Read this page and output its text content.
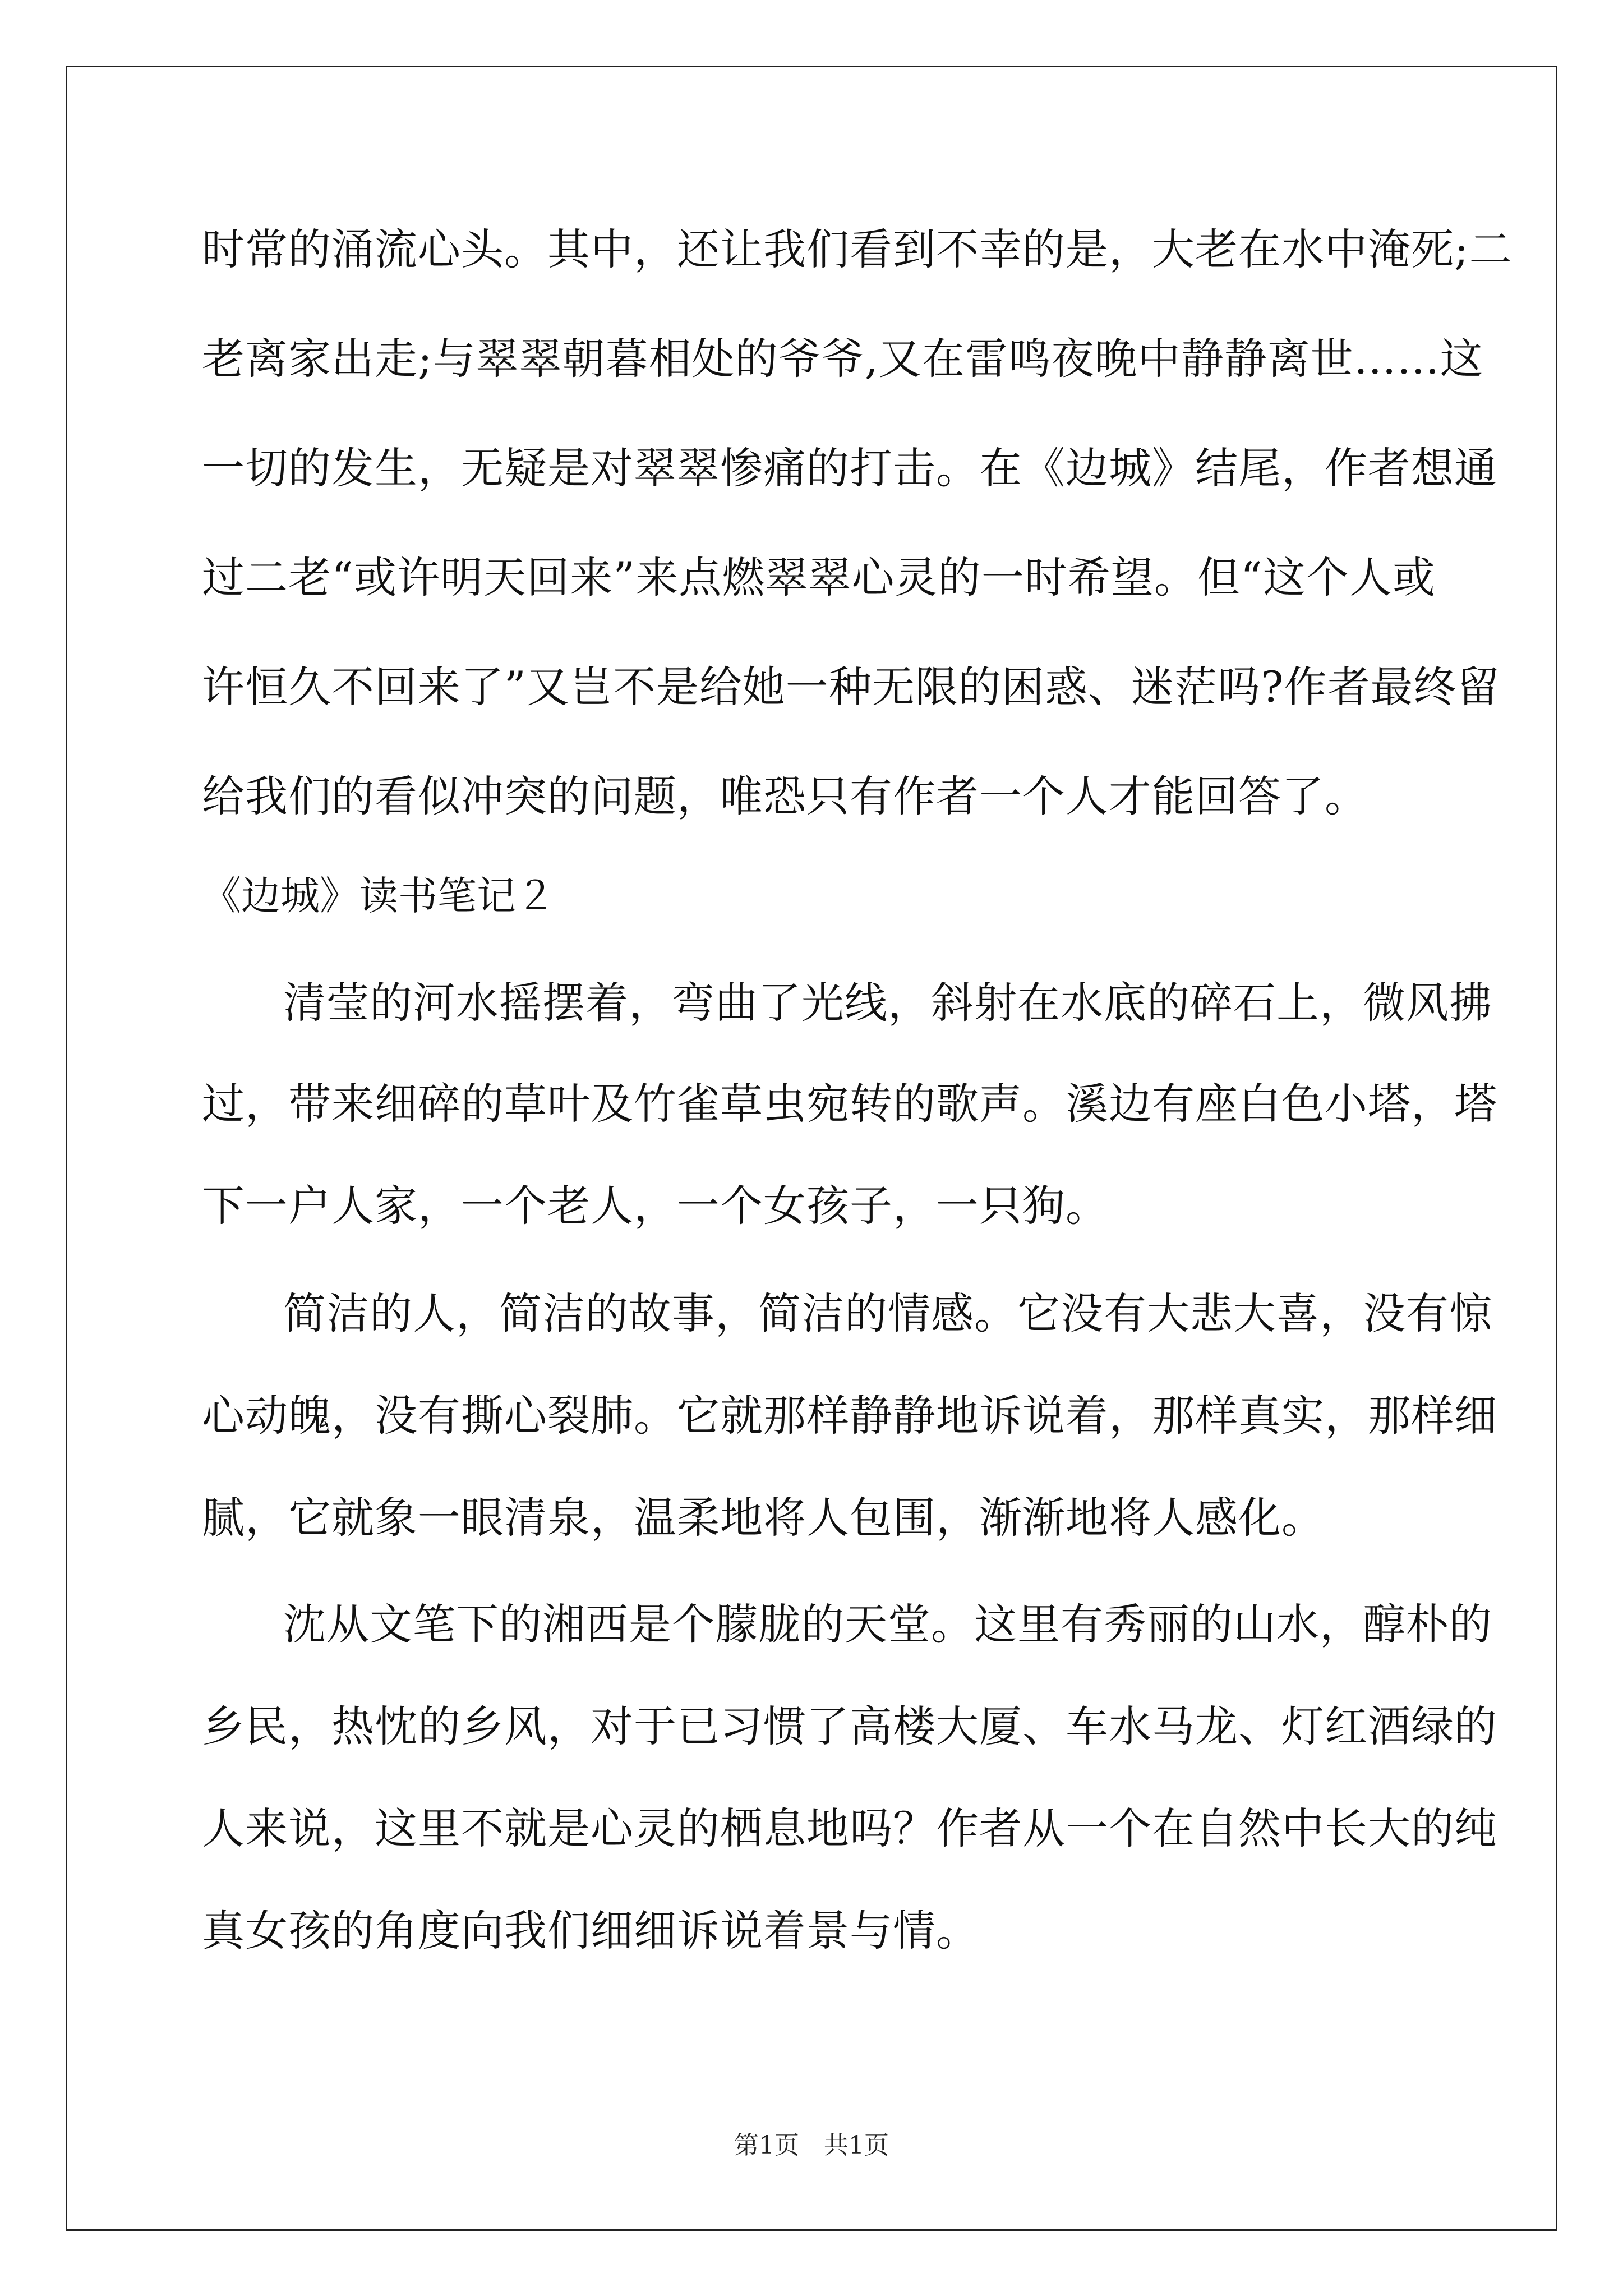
时常的涌流心头。其中，还让我们看到不幸的是，大老在水中淹死;二
老离家出走;与翠翠朝暮相处的爷爷,又在雷鸣夜晚中静静离世……这
一切的发生，无疑是对翠翠惨痛的打击。在《边城》结尾，作者想通
过二老“或许明天回来”来点燃翠翠心灵的一时希望。但“这个人或
许恒久不回来了”又岂不是给她一种无限的困惑、迷茫吗?作者最终留
给我们的看似冲突的问题，唯恐只有作者一个人才能回答了。
《边城》读书笔记２
清莹的河水摇摆着，弯曲了光线，斜射在水底的碎石上，微风拂
过，带来细碎的草叶及竹雀草虫宛转的歌声。溪边有座白色小塔，塔
下一户人家，一个老人，一个女孩子，一只狗。
简洁的人，简洁的故事，简洁的情感。它没有大悲大喜，没有惊
心动魄，没有撕心裂肺。它就那样静静地诉说着，那样真实，那样细
腻，它就象一眼清泉，温柔地将人包围，渐渐地将人感化。
沈从文笔下的湘西是个朦胧的天堂。这里有秀丽的山水，醇朴的
乡民，热忱的乡风，对于已习惯了高楼大厦、车水马龙、灯红酒绿的
人来说，这里不就是心灵的栖息地吗？作者从一个在自然中长大的纯
真女孩的角度向我们细细诉说着景与情。
第1页　共1页
